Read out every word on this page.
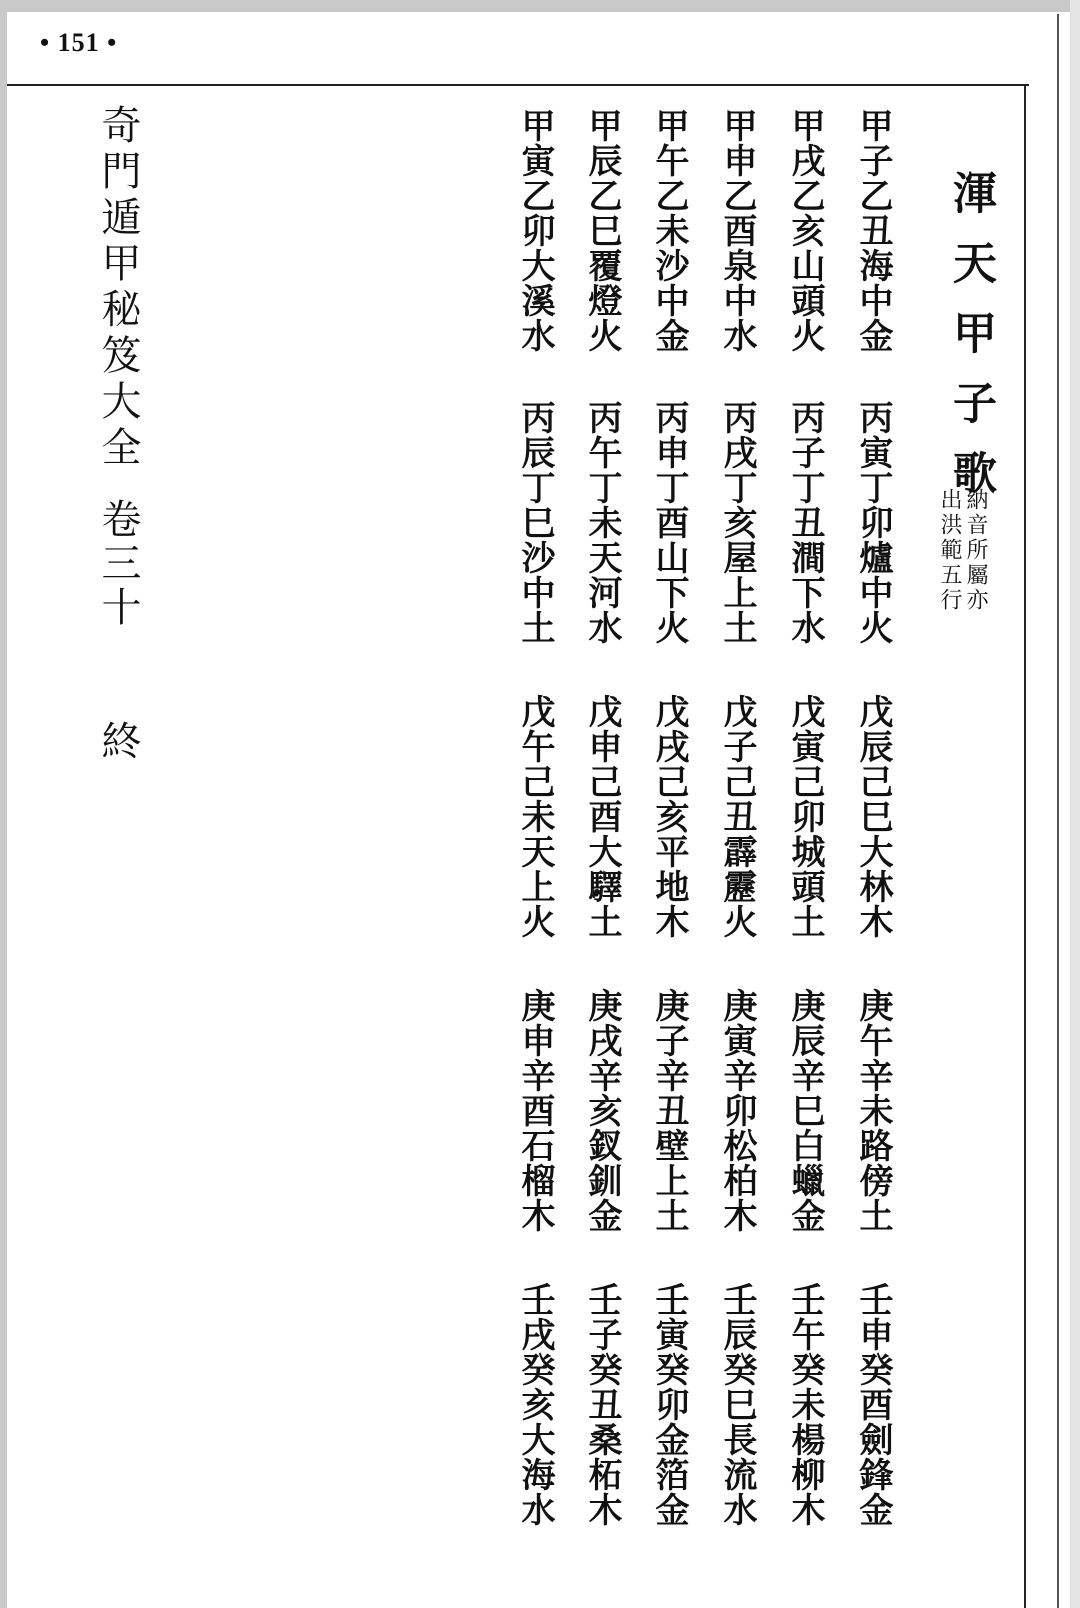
• 151 •
奇門遁甲秘笈大全
卷三十
終
渾天甲子歌
納音所屬亦
出洪範五行
甲子乙丑海中金
丙寅丁卯爐中火
戊辰己巳大林木
庚午辛未路傍土
壬申癸酉劍鋒金
甲戌乙亥山頭火
丙子丁丑澗下水
戊寅己卯城頭土
庚辰辛巳白蠟金
壬午癸未楊柳木
甲申乙酉泉中水
丙戌丁亥屋上土
戊子己丑霹靂火
庚寅辛卯松柏木
壬辰癸巳長流水
甲午乙未沙中金
丙申丁酉山下火
戊戌己亥平地木
庚子辛丑壁上土
壬寅癸卯金箔金
甲辰乙巳覆燈火
丙午丁未天河水
戊申己酉大驛土
庚戌辛亥釵釧金
壬子癸丑桑柘木
甲寅乙卯大溪水
丙辰丁巳沙中土
戊午己未天上火
庚申辛酉石榴木
壬戌癸亥大海水
